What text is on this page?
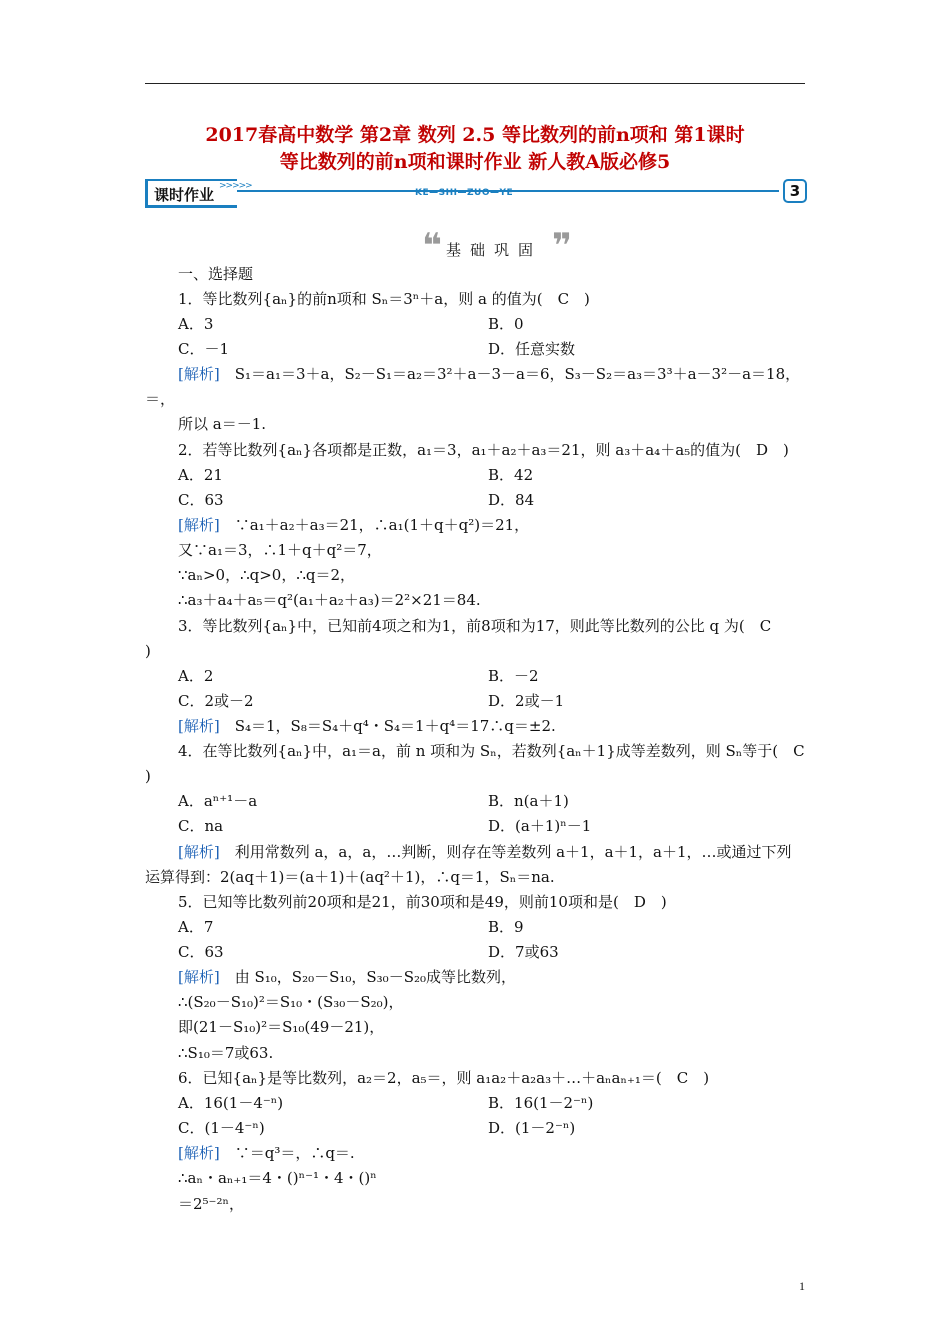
2017春高中数学 第2章 数列 2.5 等比数列的前n项和 第1课时
等比数列的前n项和课时作业 新人教A版必修5
课时作业 >>>>>
KE—SHI—ZUO—YE	3
❝ 基础巩固 ❞
一、选择题
1．等比数列{aₙ}的前n项和 Sₙ＝3ⁿ＋a，则 a 的值为(　C　)
A．3	B．0
C．－1	D．任意实数
[解析]　S₁＝a₁＝3＋a，S₂－S₁＝a₂＝3²＋a－3－a＝6，S₃－S₂＝a₃＝3³＋a－3²－a＝18，
＝，
所以 a＝－1.
2．若等比数列{aₙ}各项都是正数，a₁＝3，a₁＋a₂＋a₃＝21，则 a₃＋a₄＋a₅的值为(　D　)
A．21	B．42
C．63	D．84
[解析]　∵a₁＋a₂＋a₃＝21，∴a₁(1＋q＋q²)＝21，
又∵a₁＝3，∴1＋q＋q²＝7，
∵aₙ>0，∴q>0，∴q＝2，
∴a₃＋a₄＋a₅＝q²(a₁＋a₂＋a₃)＝2²×21＝84.
3．等比数列{aₙ}中，已知前4项之和为1，前8项和为17，则此等比数列的公比 q 为(　C
)
A．2	B．－2
C．2或－2	D．2或－1
[解析]　S₄＝1，S₈＝S₄＋q⁴・S₄＝1＋q⁴＝17∴q＝±2.
4．在等比数列{aₙ}中，a₁＝a，前 n 项和为 Sₙ，若数列{aₙ＋1}成等差数列，则 Sₙ等于(　C
)
A．aⁿ⁺¹－a	B．n(a＋1)
C．na	D．(a＋1)ⁿ－1
[解析]　利用常数列 a，a，a，…判断，则存在等差数列 a＋1，a＋1，a＋1，…或通过下列
运算得到：2(aq＋1)＝(a＋1)＋(aq²＋1)，∴q＝1，Sₙ＝na.
5．已知等比数列前20项和是21，前30项和是49，则前10项和是(　D　)
A．7	B．9
C．63	D．7或63
[解析]　由 S₁₀，S₂₀－S₁₀，S₃₀－S₂₀成等比数列，
∴(S₂₀－S₁₀)²＝S₁₀・(S₃₀－S₂₀)，
即(21－S₁₀)²＝S₁₀(49－21)，
∴S₁₀＝7或63.
6．已知{aₙ}是等比数列，a₂＝2，a₅＝，则 a₁a₂＋a₂a₃＋…＋aₙaₙ₊₁＝(　C　)
A．16(1－4⁻ⁿ)	B．16(1－2⁻ⁿ)
C．(1－4⁻ⁿ)	D．(1－2⁻ⁿ)
[解析]　∵＝q³＝，∴q＝.
∴aₙ・aₙ₊₁＝4・()ⁿ⁻¹・4・()ⁿ
＝2⁵⁻²ⁿ，
1
